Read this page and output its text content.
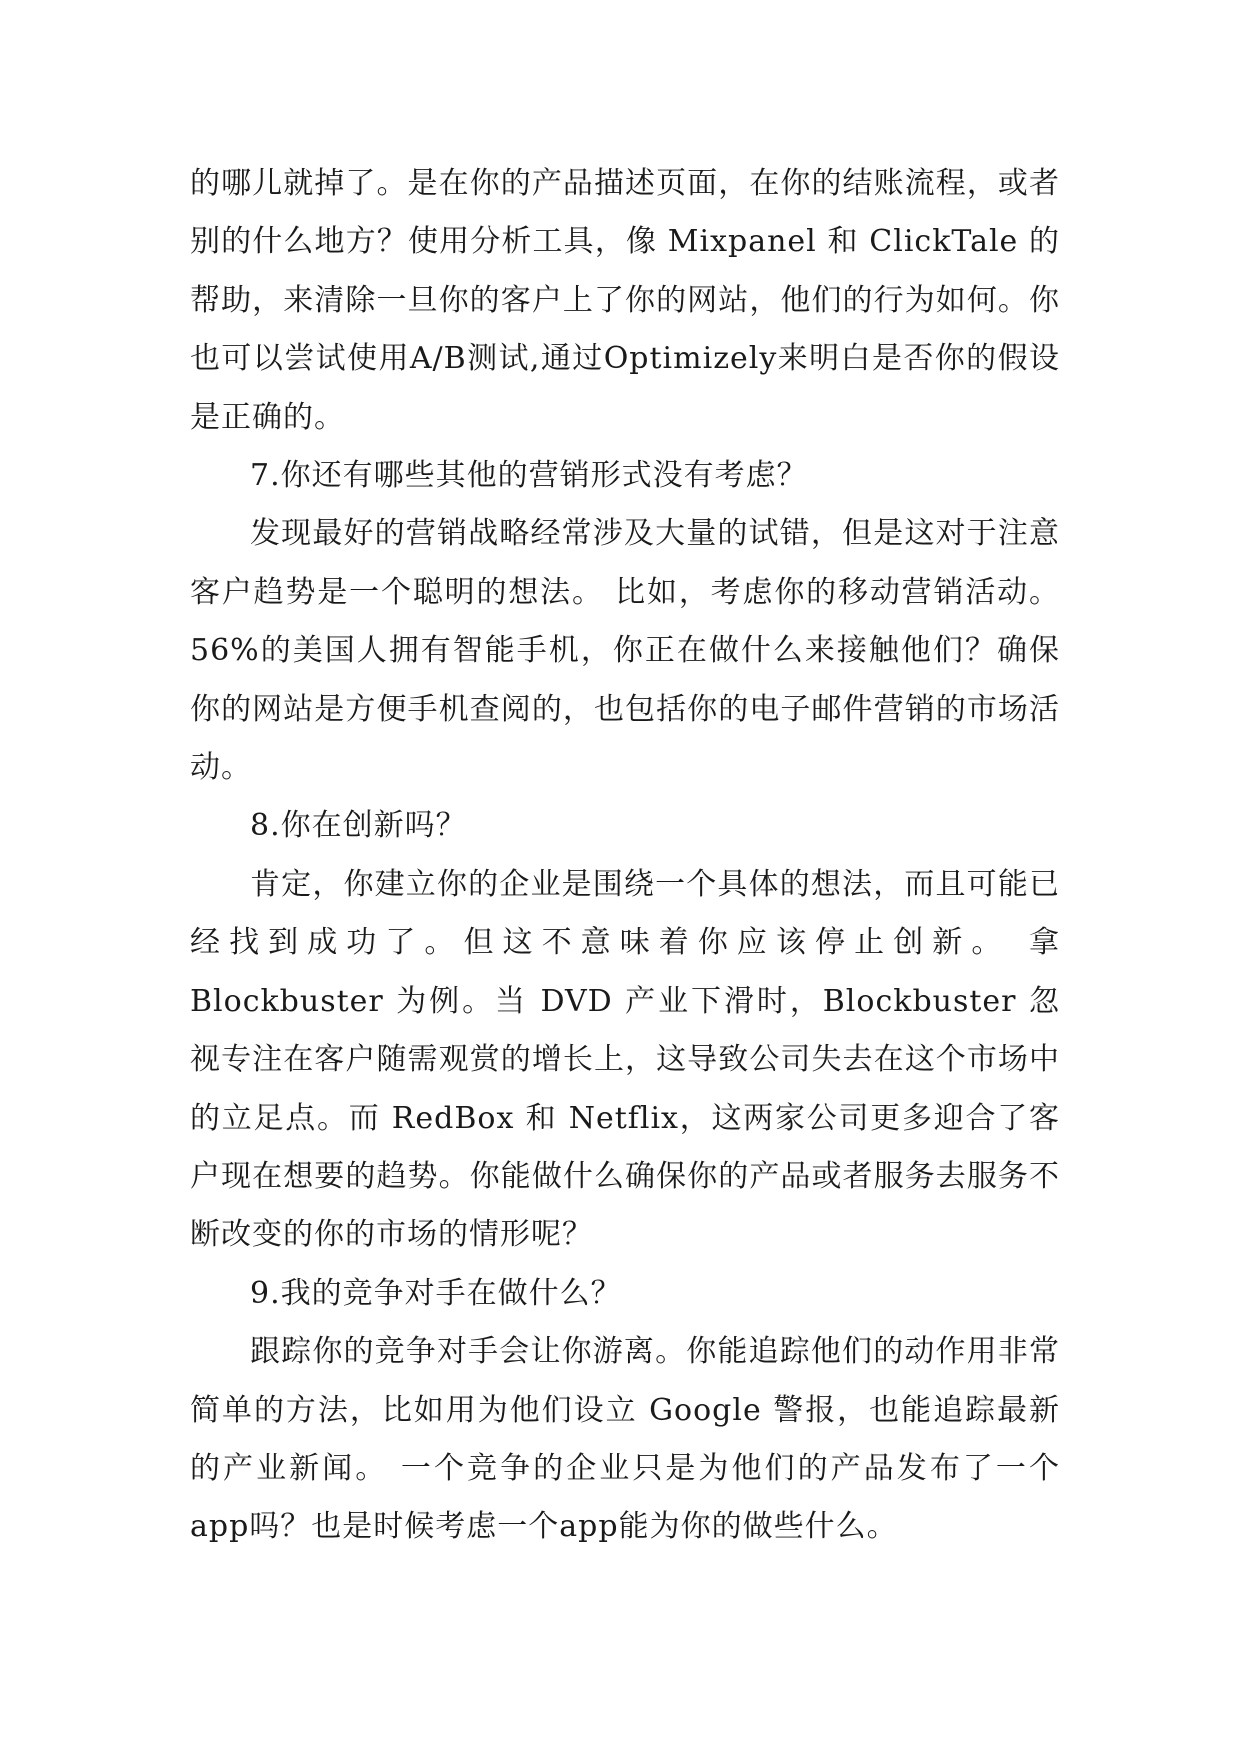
的哪儿就掉了。是在你的产品描述页面，在你的结账流程，或者别的什么地方？使用分析工具，像 Mixpanel 和 ClickTale 的帮助，来清除一旦你的客户上了你的网站，他们的行为如何。你也可以尝试使用A/B测试,通过Optimizely来明白是否你的假设是正确的。

7.你还有哪些其他的营销形式没有考虑？

发现最好的营销战略经常涉及大量的试错，但是这对于注意客户趋势是一个聪明的想法。 比如，考虑你的移动营销活动。56%的美国人拥有智能手机，你正在做什么来接触他们？确保你的网站是方便手机查阅的，也包括你的电子邮件营销的市场活动。

8.你在创新吗？

肯定，你建立你的企业是围绕一个具体的想法，而且可能已经找到成功了。但这不意味着你应该停止创新。 拿 Blockbuster 为例。当 DVD 产业下滑时，Blockbuster 忽视专注在客户随需观赏的增长上，这导致公司失去在这个市场中的立足点。而 RedBox 和 Netflix，这两家公司更多迎合了客户现在想要的趋势。你能做什么确保你的产品或者服务去服务不断改变的你的市场的情形呢？

9.我的竞争对手在做什么？

跟踪你的竞争对手会让你游离。你能追踪他们的动作用非常简单的方法，比如用为他们设立 Google 警报，也能追踪最新的产业新闻。 一个竞争的企业只是为他们的产品发布了一个app吗？也是时候考虑一个app能为你的做些什么。
